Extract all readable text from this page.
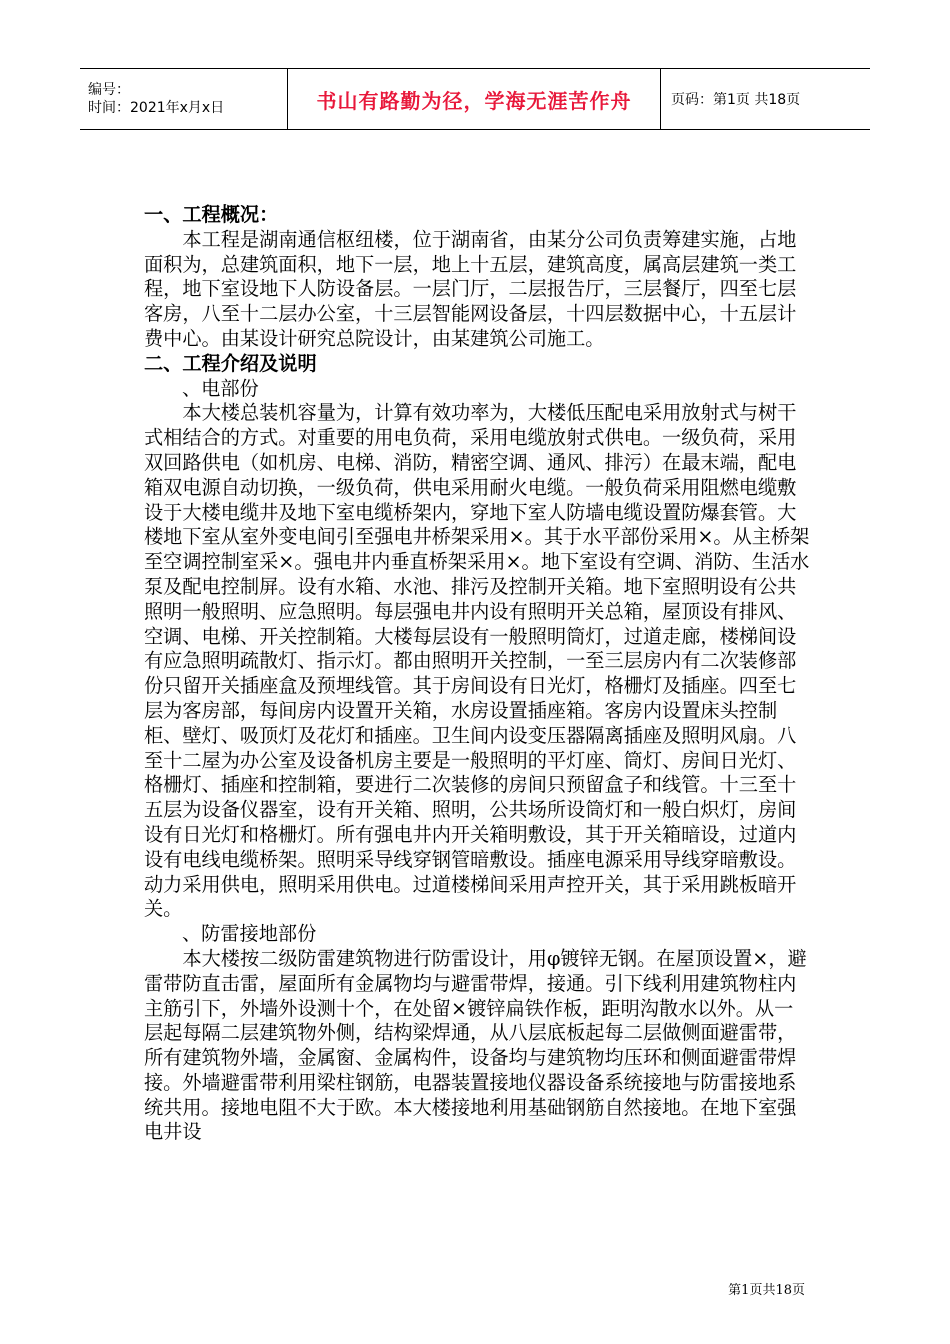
编号：
时间：2021年x月x日	书山有路勤为径，学海无涯苦作舟	页码：第1页 共18页

一、工程概况：

本工程是湖南通信枢纽楼，位于湖南省，由某分公司负责筹建实施，占地面积为，总建筑面积，地下一层，地上十五层，建筑高度，属高层建筑一类工程，地下室设地下人防设备层。一层门厅，二层报告厅，三层餐厅，四至七层客房，八至十二层办公室，十三层智能网设备层，十四层数据中心，十五层计费中心。由某设计研究总院设计，由某建筑公司施工。

二、工程介绍及说明

、电部份

本大楼总装机容量为，计算有效功率为，大楼低压配电采用放射式与树干式相结合的方式。对重要的用电负荷，采用电缆放射式供电。一级负荷，采用双回路供电（如机房、电梯、消防，精密空调、通风、排污）在最末端，配电箱双电源自动切换，一级负荷，供电采用耐火电缆。一般负荷采用阻燃电缆敷设于大楼电缆井及地下室电缆桥架内，穿地下室人防墙电缆设置防爆套管。大楼地下室从室外变电间引至强电井桥架采用×。其于水平部份采用×。从主桥架至空调控制室采×。强电井内垂直桥架采用×。地下室设有空调、消防、生活水泵及配电控制屏。设有水箱、水池、排污及控制开关箱。地下室照明设有公共照明一般照明、应急照明。每层强电井内设有照明开关总箱，屋顶设有排风、空调、电梯、开关控制箱。大楼每层设有一般照明筒灯，过道走廊，楼梯间设有应急照明疏散灯、指示灯。都由照明开关控制，一至三层房内有二次装修部份只留开关插座盒及预埋线管。其于房间设有日光灯，格栅灯及插座。四至七层为客房部，每间房内设置开关箱，水房设置插座箱。客房内设置床头控制柜、壁灯、吸顶灯及花灯和插座。卫生间内设变压器隔离插座及照明风扇。八至十二屋为办公室及设备机房主要是一般照明的平灯座、筒灯、房间日光灯、格栅灯、插座和控制箱，要进行二次装修的房间只预留盒子和线管。十三至十五层为设备仪器室，设有开关箱、照明，公共场所设筒灯和一般白炽灯，房间设有日光灯和格栅灯。所有强电井内开关箱明敷设，其于开关箱暗设，过道内设有电线电缆桥架。照明采导线穿钢管暗敷设。插座电源采用导线穿暗敷设。动力采用供电，照明采用供电。过道楼梯间采用声控开关，其于采用跳板暗开关。

、防雷接地部份

本大楼按二级防雷建筑物进行防雷设计，用φ镀锌无钢。在屋顶设置×，避雷带防直击雷，屋面所有金属物均与避雷带焊，接通。引下线利用建筑物柱内主筋引下，外墙外设测十个，在处留×镀锌扁铁作板，距明沟散水以外。从一层起每隔二层建筑物外侧，结构梁焊通，从八层底板起每二层做侧面避雷带，所有建筑物外墙，金属窗、金属构件，设备均与建筑物均压环和侧面避雷带焊接。外墙避雷带利用梁柱钢筋，电器装置接地仪器设备系统接地与防雷接地系统共用。接地电阻不大于欧。本大楼接地利用基础钢筋自然接地。在地下室强电井设

第1页共18页
